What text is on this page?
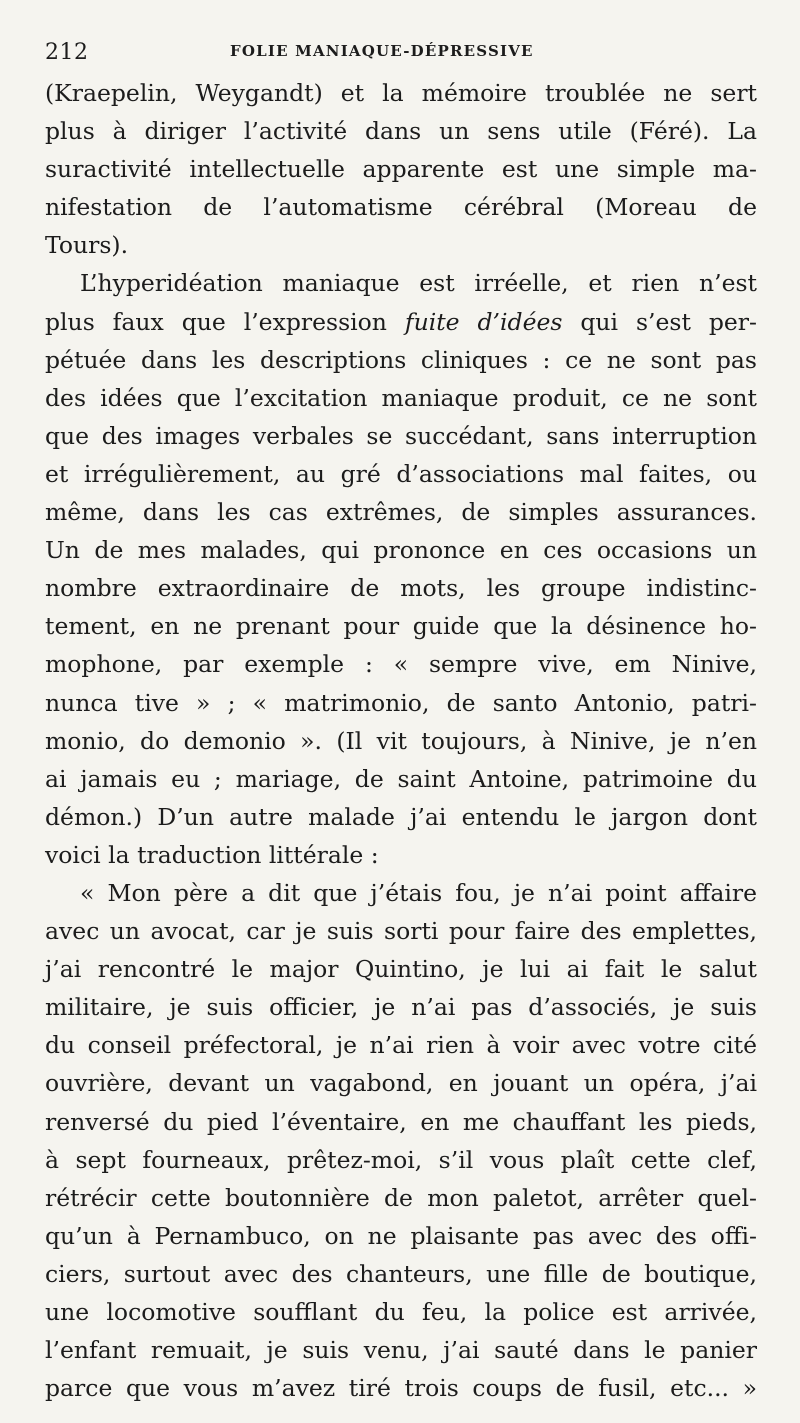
212	FOLIE MANIAQUE-DÉPRESSIVE
(Kraepelin, Weygandt) et la mémoire troublée ne sert
plus à diriger l’activité dans un sens utile (Féré). La
suractivité intellectuelle apparente est une simple ma-
nifestation de l’automatisme cérébral (Moreau de
Tours).
L’hyperidéation maniaque est irréelle, et rien n’est
plus faux que l’expression fuite d’idées qui s’est per-
pétuée dans les descriptions cliniques : ce ne sont pas
des idées que l’excitation maniaque produit, ce ne sont
que des images verbales se succédant, sans interruption
et irrégulièrement, au gré d’associations mal faites, ou
même, dans les cas extrêmes, de simples assurances.
Un de mes malades, qui prononce en ces occasions un
nombre extraordinaire de mots, les groupe indistinc-
tement, en ne prenant pour guide que la désinence ho-
mophone, par exemple : « sempre vive, em Ninive,
nunca tive » ; « matrimonio, de santo Antonio, patri-
monio, do demonio ». (Il vit toujours, à Ninive, je n’en
ai jamais eu ; mariage, de saint Antoine, patrimoine du
démon.) D’un autre malade j’ai entendu le jargon dont
voici la traduction littérale :
« Mon père a dit que j’étais fou, je n’ai point affaire
avec un avocat, car je suis sorti pour faire des emplettes,
j’ai rencontré le major Quintino, je lui ai fait le salut
militaire, je suis officier, je n’ai pas d’associés, je suis
du conseil préfectoral, je n’ai rien à voir avec votre cité
ouvrière, devant un vagabond, en jouant un opéra, j’ai
renversé du pied l’éventaire, en me chauffant les pieds,
à sept fourneaux, prêtez-moi, s’il vous plaît cette clef,
rétrécir cette boutonnière de mon paletot, arrêter quel-
qu’un à Pernambuco, on ne plaisante pas avec des offi-
ciers, surtout avec des chanteurs, une fille de boutique,
une locomotive soufflant du feu, la police est arrivée,
l’enfant remuait, je suis venu, j’ai sauté dans le panier
parce que vous m’avez tiré trois coups de fusil, etc... »
